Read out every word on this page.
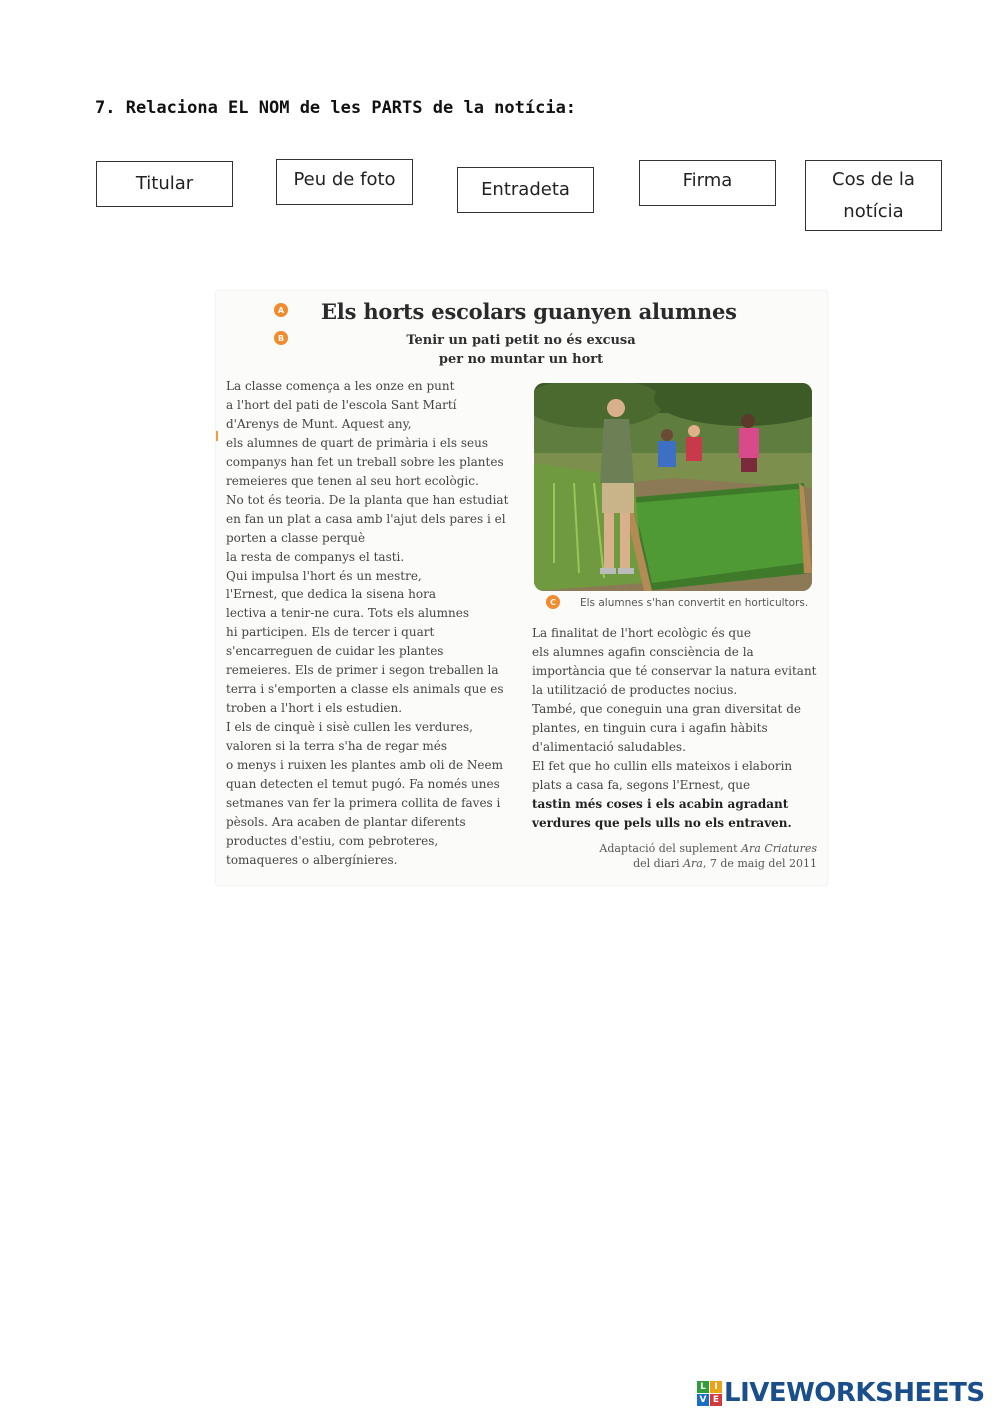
7. Relaciona EL NOM de les PARTS de la notícia:
Titular	Peu de foto	Entradeta	Firma	Cos de la notícia
A
B
Els horts escolars guanyen alumnes
Tenir un pati petit no és excusa
per no muntar un hort
La classe comença a les onze en punt
a l'hort del pati de l'escola Sant Martí
d'Arenys de Munt. Aquest any,
els alumnes de quart de primària i els seus
companys han fet un treball sobre les plantes
remeieres que tenen al seu hort ecològic.
No tot és teoria. De la planta que han estudiat
en fan un plat a casa amb l'ajut dels pares i el
porten a classe perquè
la resta de companys el tasti.
Qui impulsa l'hort és un mestre,
l'Ernest, que dedica la sisena hora
lectiva a tenir-ne cura. Tots els alumnes
hi participen. Els de tercer i quart
s'encarreguen de cuidar les plantes
remeieres. Els de primer i segon treballen la
terra i s'emporten a classe els animals que es
troben a l'hort i els estudien.
I els de cinquè i sisè cullen les verdures,
valoren si la terra s'ha de regar més
o menys i ruixen les plantes amb oli de Neem
quan detecten el temut pugó. Fa només unes
setmanes van fer la primera collita de faves i
pèsols. Ara acaben de plantar diferents
productes d'estiu, com pebroteres,
tomaqueres o albergínieres.
C	Els alumnes s'han convertit en horticultors.
La finalitat de l'hort ecològic és que
els alumnes agafin consciència de la
importància que té conservar la natura evitant
la utilització de productes nocius.
També, que coneguin una gran diversitat de
plantes, en tinguin cura i agafin hàbits
d'alimentació saludables.
El fet que ho cullin ells mateixos i elaborin
plats a casa fa, segons l'Ernest, que
tastin més coses i els acabin agradant
verdures que pels ulls no els entraven.
Adaptació del suplement Ara Criatures
del diari Ara, 7 de maig del 2011
L I
V E LIVEWORKSHEETS
